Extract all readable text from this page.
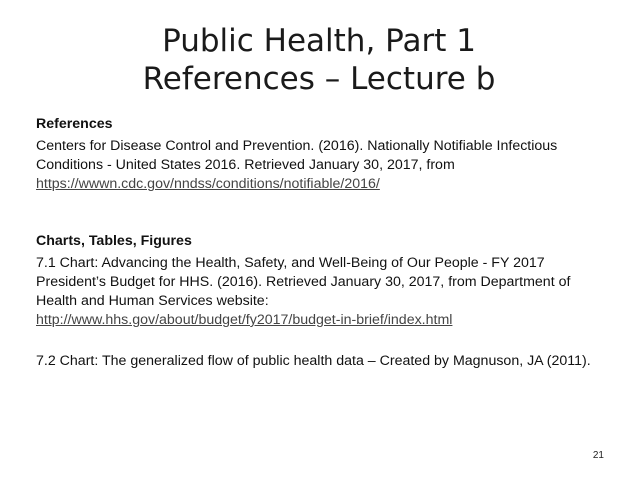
Public Health, Part 1
References – Lecture b

References

Centers for Disease Control and Prevention. (2016). Nationally Notifiable Infectious
Conditions - United States 2016. Retrieved January 30, 2017, from
https://wwwn.cdc.gov/nndss/conditions/notifiable/2016/

Charts, Tables, Figures

7.1 Chart: Advancing the Health, Safety, and Well-Being of Our People - FY 2017
President’s Budget for HHS. (2016). Retrieved January 30, 2017, from Department of
Health and Human Services website:
http://www.hhs.gov/about/budget/fy2017/budget-in-brief/index.html

7.2 Chart: The generalized flow of public health data – Created by Magnuson, JA (2011).

21
